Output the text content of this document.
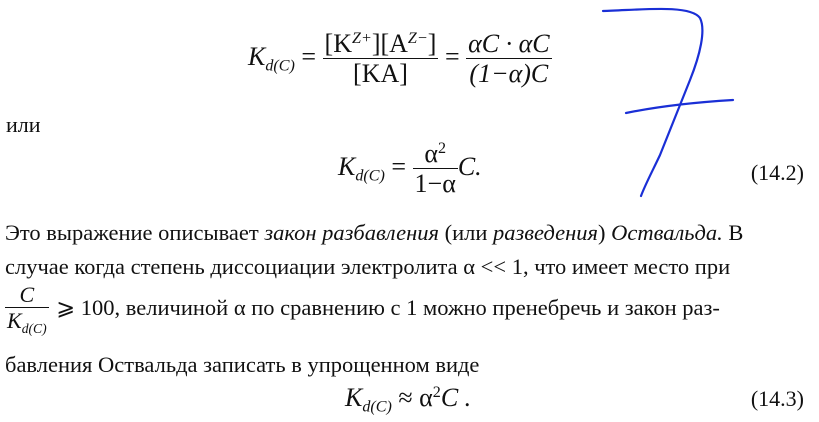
$K_{d(C)} = \frac{[K^{Z+}][A^{Z-}]}{[KA]} = \frac{\alpha C \cdot \alpha C}{(1-\alpha)C}$
или
$K_{d(C)} = \frac{\alpha^2}{1-\alpha} C$.	(14.2)
Это выражение описывает закон разбавления (или разведения) Оствальда. В
случае когда степень диссоциации электролита α << 1, что имеет место при
$\frac{C}{K_{d(C)}}$ ⩾ 100, величиной α по сравнению с 1 можно пренебречь и закон раз-
бавления Оствальда записать в упрощенном виде
$K_{d(C)} \approx \alpha^2C$ .	(14.3)
